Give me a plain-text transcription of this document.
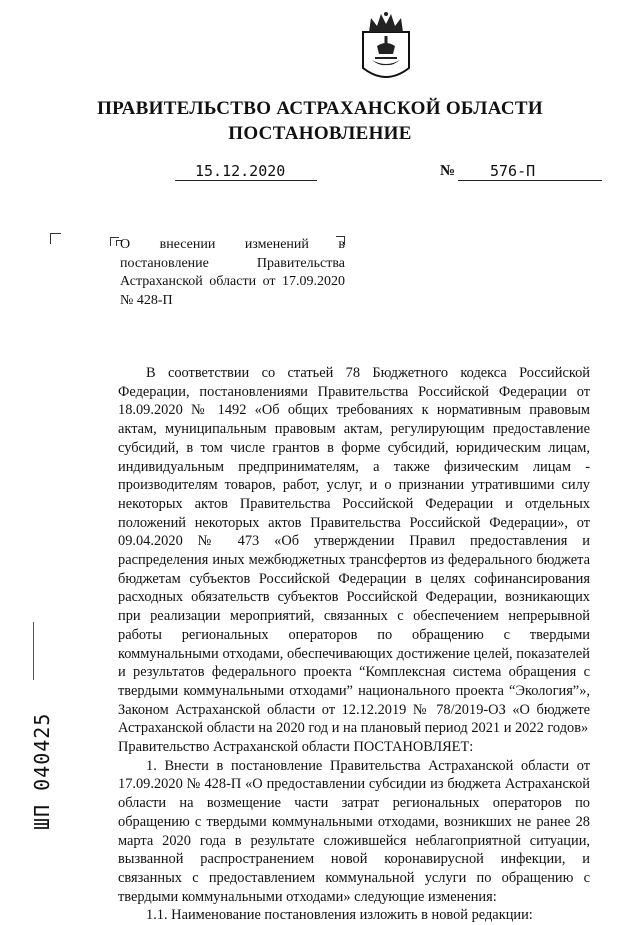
ПРАВИТЕЛЬСТВО АСТРАХАНСКОЙ ОБЛАСТИ
ПОСТАНОВЛЕНИЕ
15.12.2020	№ 576-П
О внесении изменений в постановление Правительства Астраханской области от 17.09.2020 № 428-П

В соответствии со статьей 78 Бюджетного кодекса Российской Федерации, постановлениями Правительства Российской Федерации от 18.09.2020 № 1492 «Об общих требованиях к нормативным правовым актам, муниципальным правовым актам, регулирующим предоставление субсидий, в том числе грантов в форме субсидий, юридическим лицам, индивидуальным предпринимателям, а также физическим лицам - производителям товаров, работ, услуг, и о признании утратившими силу некоторых актов Правительства Российской Федерации и отдельных положений некоторых актов Правительства Российской Федерации», от 09.04.2020 № 473 «Об утверждении Правил предоставления и распределения иных межбюджетных трансфертов из федерального бюджета бюджетам субъектов Российской Федерации в целях софинансирования расходных обязательств субъектов Российской Федерации, возникающих при реализации мероприятий, связанных с обеспечением непрерывной работы региональных операторов по обращению с твердыми коммунальными отходами, обеспечивающих достижение целей, показателей и результатов федерального проекта “Комплексная система обращения с твердыми коммунальными отходами” национального проекта “Экология”», Законом Астраханской области от 12.12.2019 № 78/2019-ОЗ «О бюджете Астраханской области на 2020 год и на плановый период 2021 и 2022 годов»

Правительство Астраханской области ПОСТАНОВЛЯЕТ:

1. Внести в постановление Правительства Астраханской области от 17.09.2020 № 428-П «О предоставлении субсидии из бюджета Астраханской области на возмещение части затрат региональных операторов по обращению с твердыми коммунальными отходами, возникших не ранее 28 марта 2020 года в результате сложившейся неблагоприятной ситуации, вызванной распространением новой коронавирусной инфекции, и связанных с предоставлением коммунальной услуги по обращению с твердыми коммунальными отходами» следующие изменения:

1.1. Наименование постановления изложить в новой редакции:

ШП 040425
